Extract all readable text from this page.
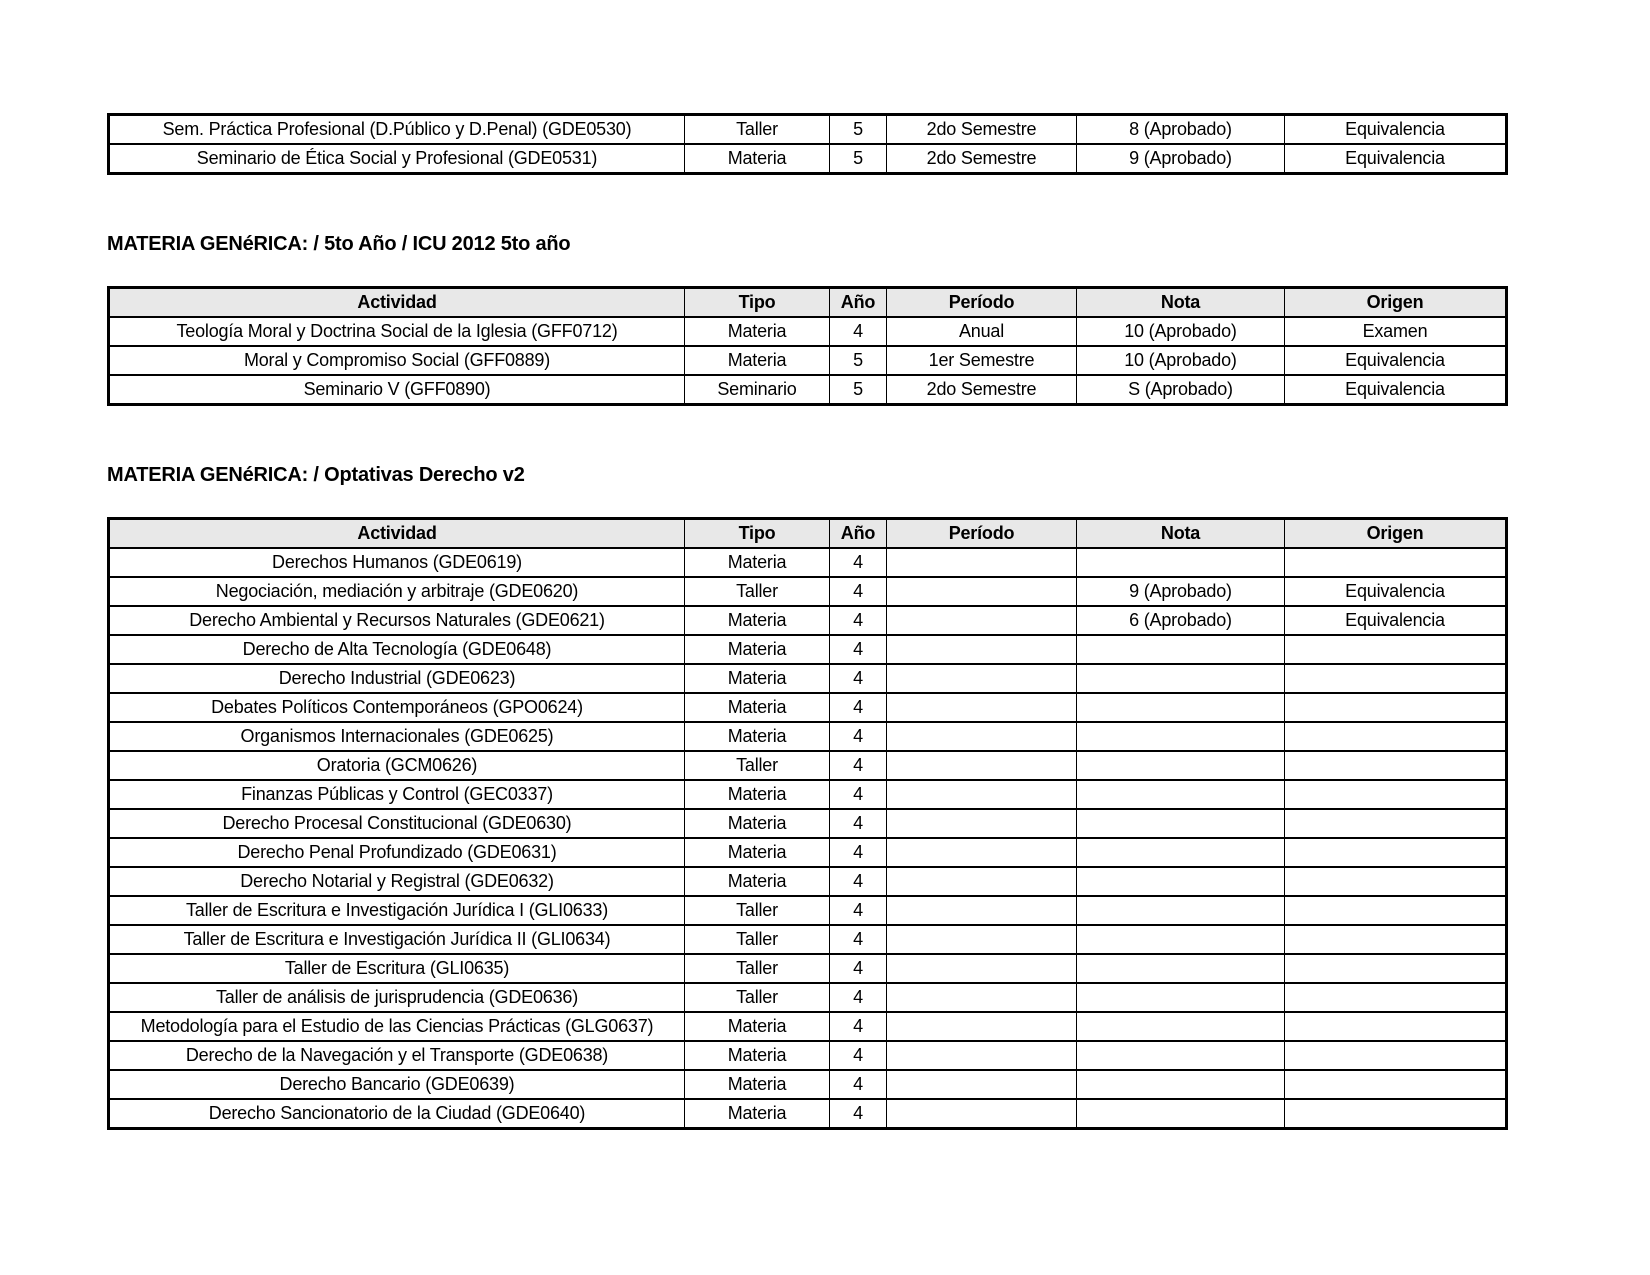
Sem. Práctica Profesional (D.Público y D.Penal) (GDE0530)	Taller	5	2do Semestre	8 (Aprobado)	Equivalencia
Seminario de Ética Social y Profesional (GDE0531)	Materia	5	2do Semestre	9 (Aprobado)	Equivalencia
MATERIA GENéRICA: / 5to Año / ICU 2012 5to año
Actividad	Tipo	Año	Período	Nota	Origen
Teología Moral y Doctrina Social de la Iglesia (GFF0712)	Materia	4	Anual	10 (Aprobado)	Examen
Moral y Compromiso Social (GFF0889)	Materia	5	1er Semestre	10 (Aprobado)	Equivalencia
Seminario V (GFF0890)	Seminario	5	2do Semestre	S (Aprobado)	Equivalencia
MATERIA GENéRICA: / Optativas Derecho v2
Actividad	Tipo	Año	Período	Nota	Origen
Derechos Humanos (GDE0619)	Materia	4			
Negociación, mediación y arbitraje (GDE0620)	Taller	4		9 (Aprobado)	Equivalencia
Derecho Ambiental y Recursos Naturales (GDE0621)	Materia	4		6 (Aprobado)	Equivalencia
Derecho de Alta Tecnología (GDE0648)	Materia	4			
Derecho Industrial (GDE0623)	Materia	4			
Debates Políticos Contemporáneos (GPO0624)	Materia	4			
Organismos Internacionales (GDE0625)	Materia	4			
Oratoria (GCM0626)	Taller	4			
Finanzas Públicas y Control (GEC0337)	Materia	4			
Derecho Procesal Constitucional (GDE0630)	Materia	4			
Derecho Penal Profundizado (GDE0631)	Materia	4			
Derecho Notarial y Registral (GDE0632)	Materia	4			
Taller de Escritura e Investigación Jurídica I (GLI0633)	Taller	4			
Taller de Escritura e Investigación Jurídica II (GLI0634)	Taller	4			
Taller de Escritura (GLI0635)	Taller	4			
Taller de análisis de jurisprudencia (GDE0636)	Taller	4			
Metodología para el Estudio de las Ciencias Prácticas (GLG0637)	Materia	4			
Derecho de la Navegación y el Transporte (GDE0638)	Materia	4			
Derecho Bancario (GDE0639)	Materia	4			
Derecho Sancionatorio de la Ciudad (GDE0640)	Materia	4			
